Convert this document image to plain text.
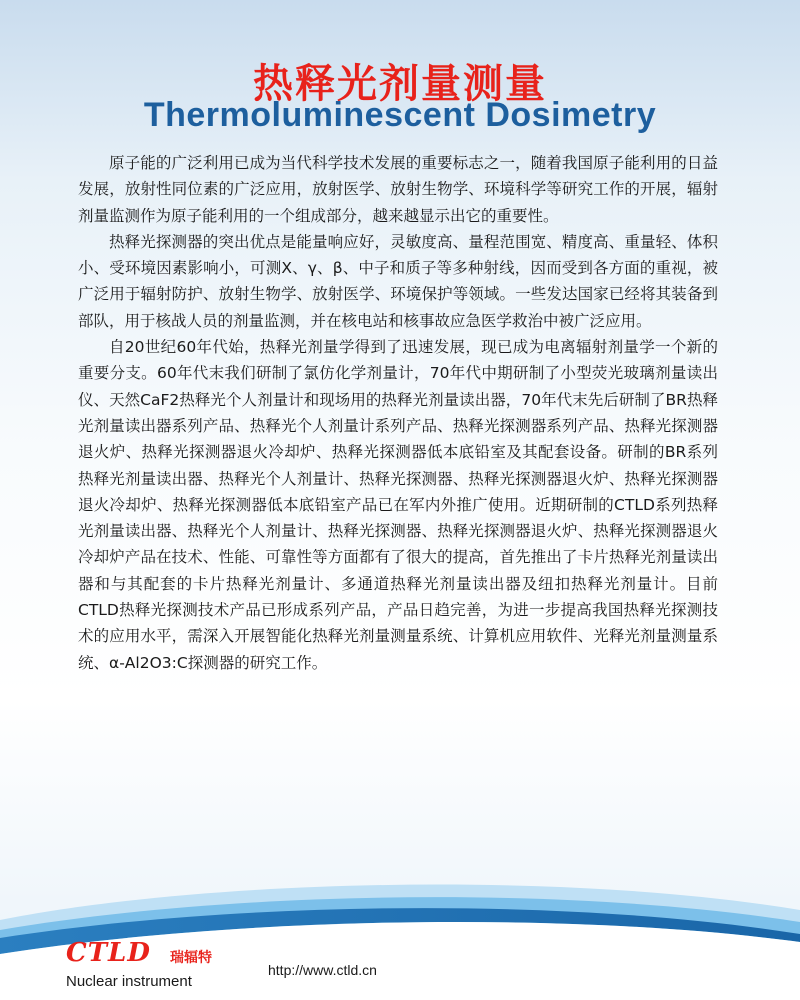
热释光剂量测量
Thermoluminescent Dosimetry

原子能的广泛利用已成为当代科学技术发展的重要标志之一，随着我国原子能利用的日益发展，放射性同位素的广泛应用，放射医学、放射生物学、环境科学等研究工作的开展，辐射剂量监测作为原子能利用的一个组成部分，越来越显示出它的重要性。

热释光探测器的突出优点是能量响应好，灵敏度高、量程范围宽、精度高、重量轻、体积小、受环境因素影响小，可测X、γ、β、中子和质子等多种射线，因而受到各方面的重视，被广泛用于辐射防护、放射生物学、放射医学、环境保护等领域。一些发达国家已经将其装备到部队，用于核战人员的剂量监测，并在核电站和核事故应急医学救治中被广泛应用。

自20世纪60年代始，热释光剂量学得到了迅速发展，现已成为电离辐射剂量学一个新的重要分支。60年代末我们研制了氯仿化学剂量计，70年代中期研制了小型荧光玻璃剂量读出仪、天然CaF2热释光个人剂量计和现场用的热释光剂量读出器，70年代末先后研制了BR热释光剂量读出器系列产品、热释光个人剂量计系列产品、热释光探测器系列产品、热释光探测器退火炉、热释光探测器退火冷却炉、热释光探测器低本底铅室及其配套设备。研制的BR系列热释光剂量读出器、热释光个人剂量计、热释光探测器、热释光探测器退火炉、热释光探测器退火冷却炉、热释光探测器低本底铅室产品已在军内外推广使用。近期研制的CTLD系列热释光剂量读出器、热释光个人剂量计、热释光探测器、热释光探测器退火炉、热释光探测器退火冷却炉产品在技术、性能、可靠性等方面都有了很大的提高，首先推出了卡片热释光剂量读出器和与其配套的卡片热释光剂量计、多通道热释光剂量读出器及纽扣热释光剂量计。目前CTLD热释光探测技术产品已形成系列产品，产品日趋完善，为进一步提高我国热释光探测技术的应用水平，需深入开展智能化热释光剂量测量系统、计算机应用软件、光释光剂量测量系统、α-Al2O3:C探测器的研究工作。

CTLD 瑞辐特
Nuclear instrument
http://www.ctld.cn
